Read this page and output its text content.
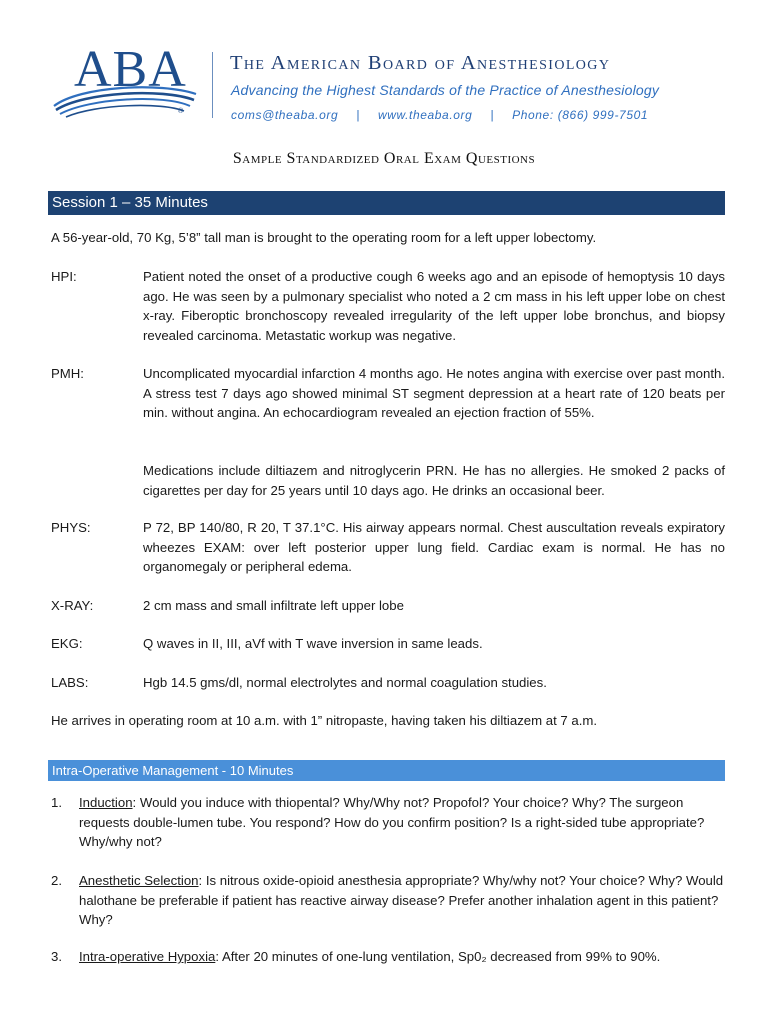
ABA
®
The American Board of Anesthesiology
Advancing the Highest Standards of the Practice of Anesthesiology
coms@theaba.org | www.theaba.org | Phone: (866) 999-7501
Sample Standardized Oral Exam Questions
Session 1 – 35 Minutes
A 56-year-old, 70 Kg, 5’8” tall man is brought to the operating room for a left upper lobectomy.
HPI:	Patient noted the onset of a productive cough 6 weeks ago and an episode of hemoptysis 10 days ago. He was seen by a pulmonary specialist who noted a 2 cm mass in his left upper lobe on chest x-ray. Fiberoptic bronchoscopy revealed irregularity of the left upper lobe bronchus, and biopsy revealed carcinoma. Metastatic workup was negative.
PMH:	Uncomplicated myocardial infarction 4 months ago. He notes angina with exercise over past month. A stress test 7 days ago showed minimal ST segment depression at a heart rate of 120 beats per min. without angina. An echocardiogram revealed an ejection fraction of 55%.
Medications include diltiazem and nitroglycerin PRN. He has no allergies. He smoked 2 packs of cigarettes per day for 25 years until 10 days ago. He drinks an occasional beer.
PHYS:	P 72, BP 140/80, R 20, T 37.1°C. His airway appears normal. Chest auscultation reveals expiratory wheezes EXAM: over left posterior upper lung field. Cardiac exam is normal. He has no organomegaly or peripheral edema.
X-RAY:	2 cm mass and small infiltrate left upper lobe
EKG:	Q waves in II, III, aVf with T wave inversion in same leads.
LABS:	Hgb 14.5 gms/dl, normal electrolytes and normal coagulation studies.
He arrives in operating room at 10 a.m. with 1” nitropaste, having taken his diltiazem at 7 a.m.
Intra-Operative Management - 10 Minutes
1. Induction: Would you induce with thiopental? Why/Why not? Propofol? Your choice? Why? The surgeon requests double-lumen tube. You respond? How do you confirm position? Is a right-sided tube appropriate? Why/why not?
2. Anesthetic Selection: Is nitrous oxide-opioid anesthesia appropriate? Why/why not? Your choice? Why? Would halothane be preferable if patient has reactive airway disease? Prefer another inhalation agent in this patient? Why?
3. Intra-operative Hypoxia: After 20 minutes of one-lung ventilation, Sp0₂ decreased from 99% to 90%.
